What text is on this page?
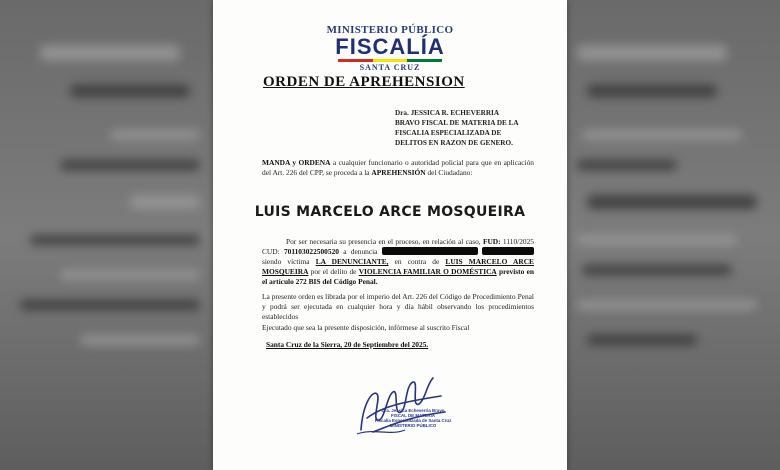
MINISTERIO PÚBLICO
FISCALÍA
SANTA CRUZ
ORDEN DE APREHENSION
Dra. JESSICA R. ECHEVERRIA
BRAVO FISCAL DE MATERIA DE LA
FISCALIA ESPECIALIZADA DE
DELITOS EN RAZON DE GENERO.
MANDA y ORDENA a cualquier funcionario o autoridad policial para que en aplicación del Art. 226 del CPP, se proceda a la APREHENSIÓN del Ciudadano:
LUIS MARCELO ARCE MOSQUEIRA
Por ser necesaria su presencia en el proceso, en relación al caso, FUD: 1110/2025 CUD: 701103022500520 a denuncia   siendo víctima LA DENUNCIANTE, en contra de LUIS MARCELO ARCE MOSQUEIRA por el delito de VIOLENCIA FAMILIAR O DOMÉSTICA previsto en el artículo 272 BIS del Código Penal.
La presente orden es librada por el imperio del Art. 226 del Código de Procedimiento Penal y podrá ser ejecutada en cualquier hora y día hábil observando los procedimientos establecidos
Ejecutado que sea la presente disposición, infórmese al suscrito Fiscal
Santa Cruz de la Sierra, 20 de Septiembre del 2025.
Dra. Jessica Echeverria Bravo
FISCAL DE MATERIA
Fiscalía Especializada de Santa Cruz
MINISTERIO PÚBLICO
